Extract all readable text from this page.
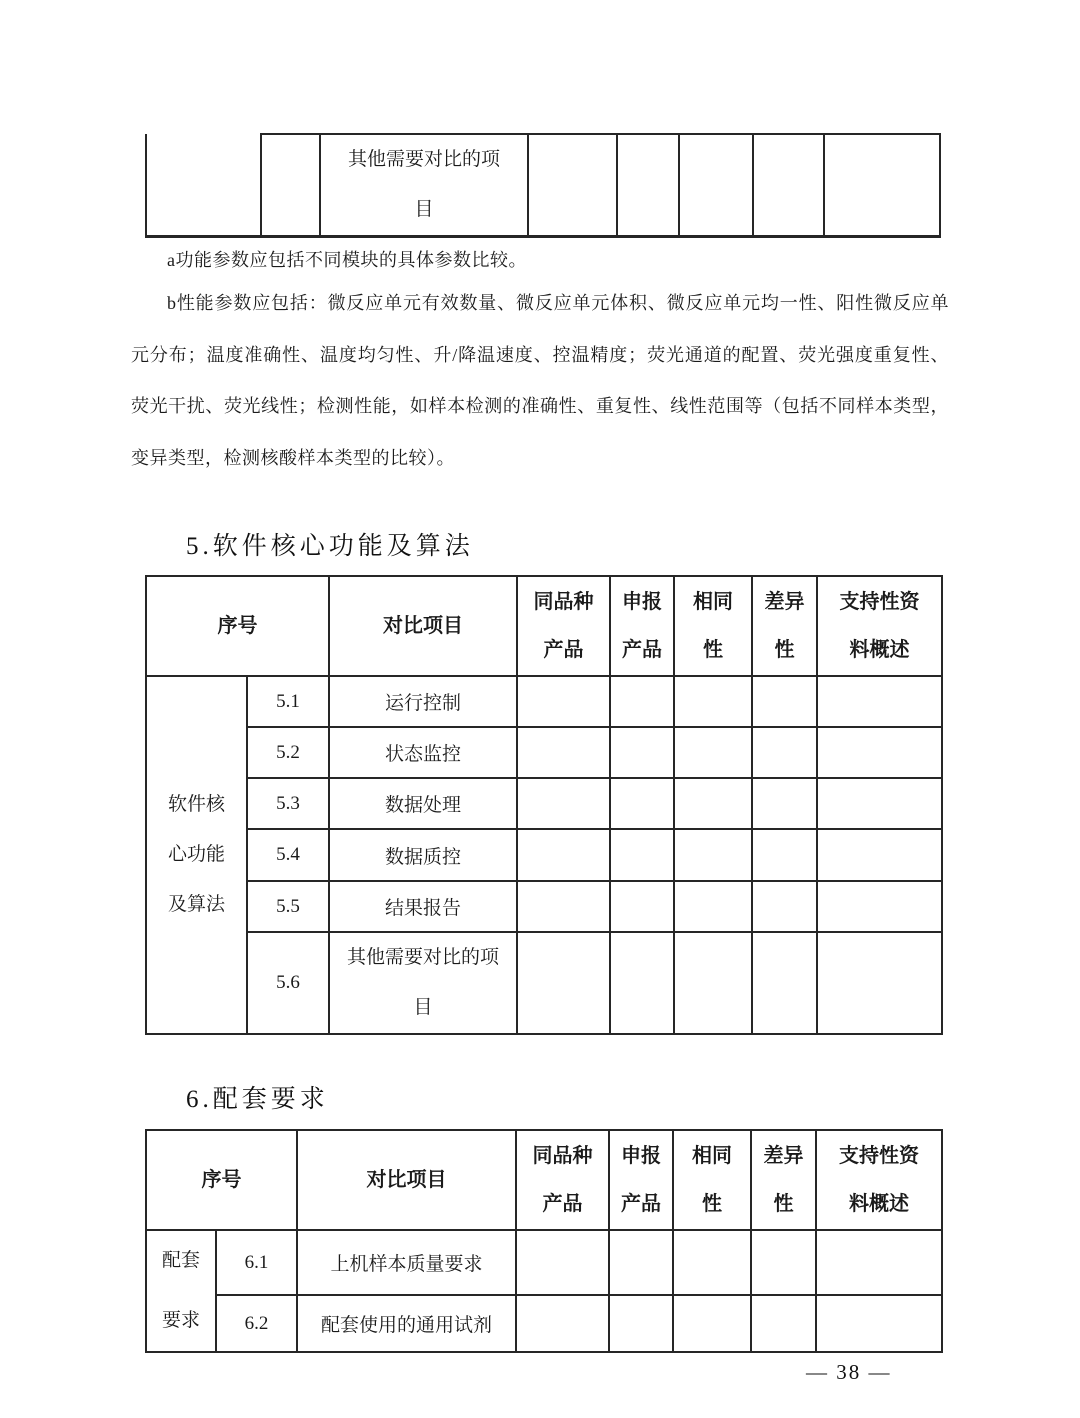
		其他需要对比的项目					

a功能参数应包括不同模块的具体参数比较。

b性能参数应包括：微反应单元有效数量、微反应单元体积、微反应单元均一性、阳性微反应单元分布；温度准确性、温度均匀性、升/降温速度、控温精度；荧光通道的配置、荧光强度重复性、荧光干扰、荧光线性；检测性能，如样本检测的准确性、重复性、线性范围等（包括不同样本类型，变异类型，检测核酸样本类型的比较）。

5.软件核心功能及算法
序号		对比项目	同品种产品	申报产品	相同性	差异性	支持性资料概述
软件核心功能及算法	5.1	运行控制					
	5.2	状态监控					
	5.3	数据处理					
	5.4	数据质控					
	5.5	结果报告					
	5.6	其他需要对比的项目					
6.配套要求
序号		对比项目	同品种产品	申报产品	相同性	差异性	支持性资料概述
配套要求	6.1	上机样本质量要求					
	6.2	配套使用的通用试剂					
— 38 —
